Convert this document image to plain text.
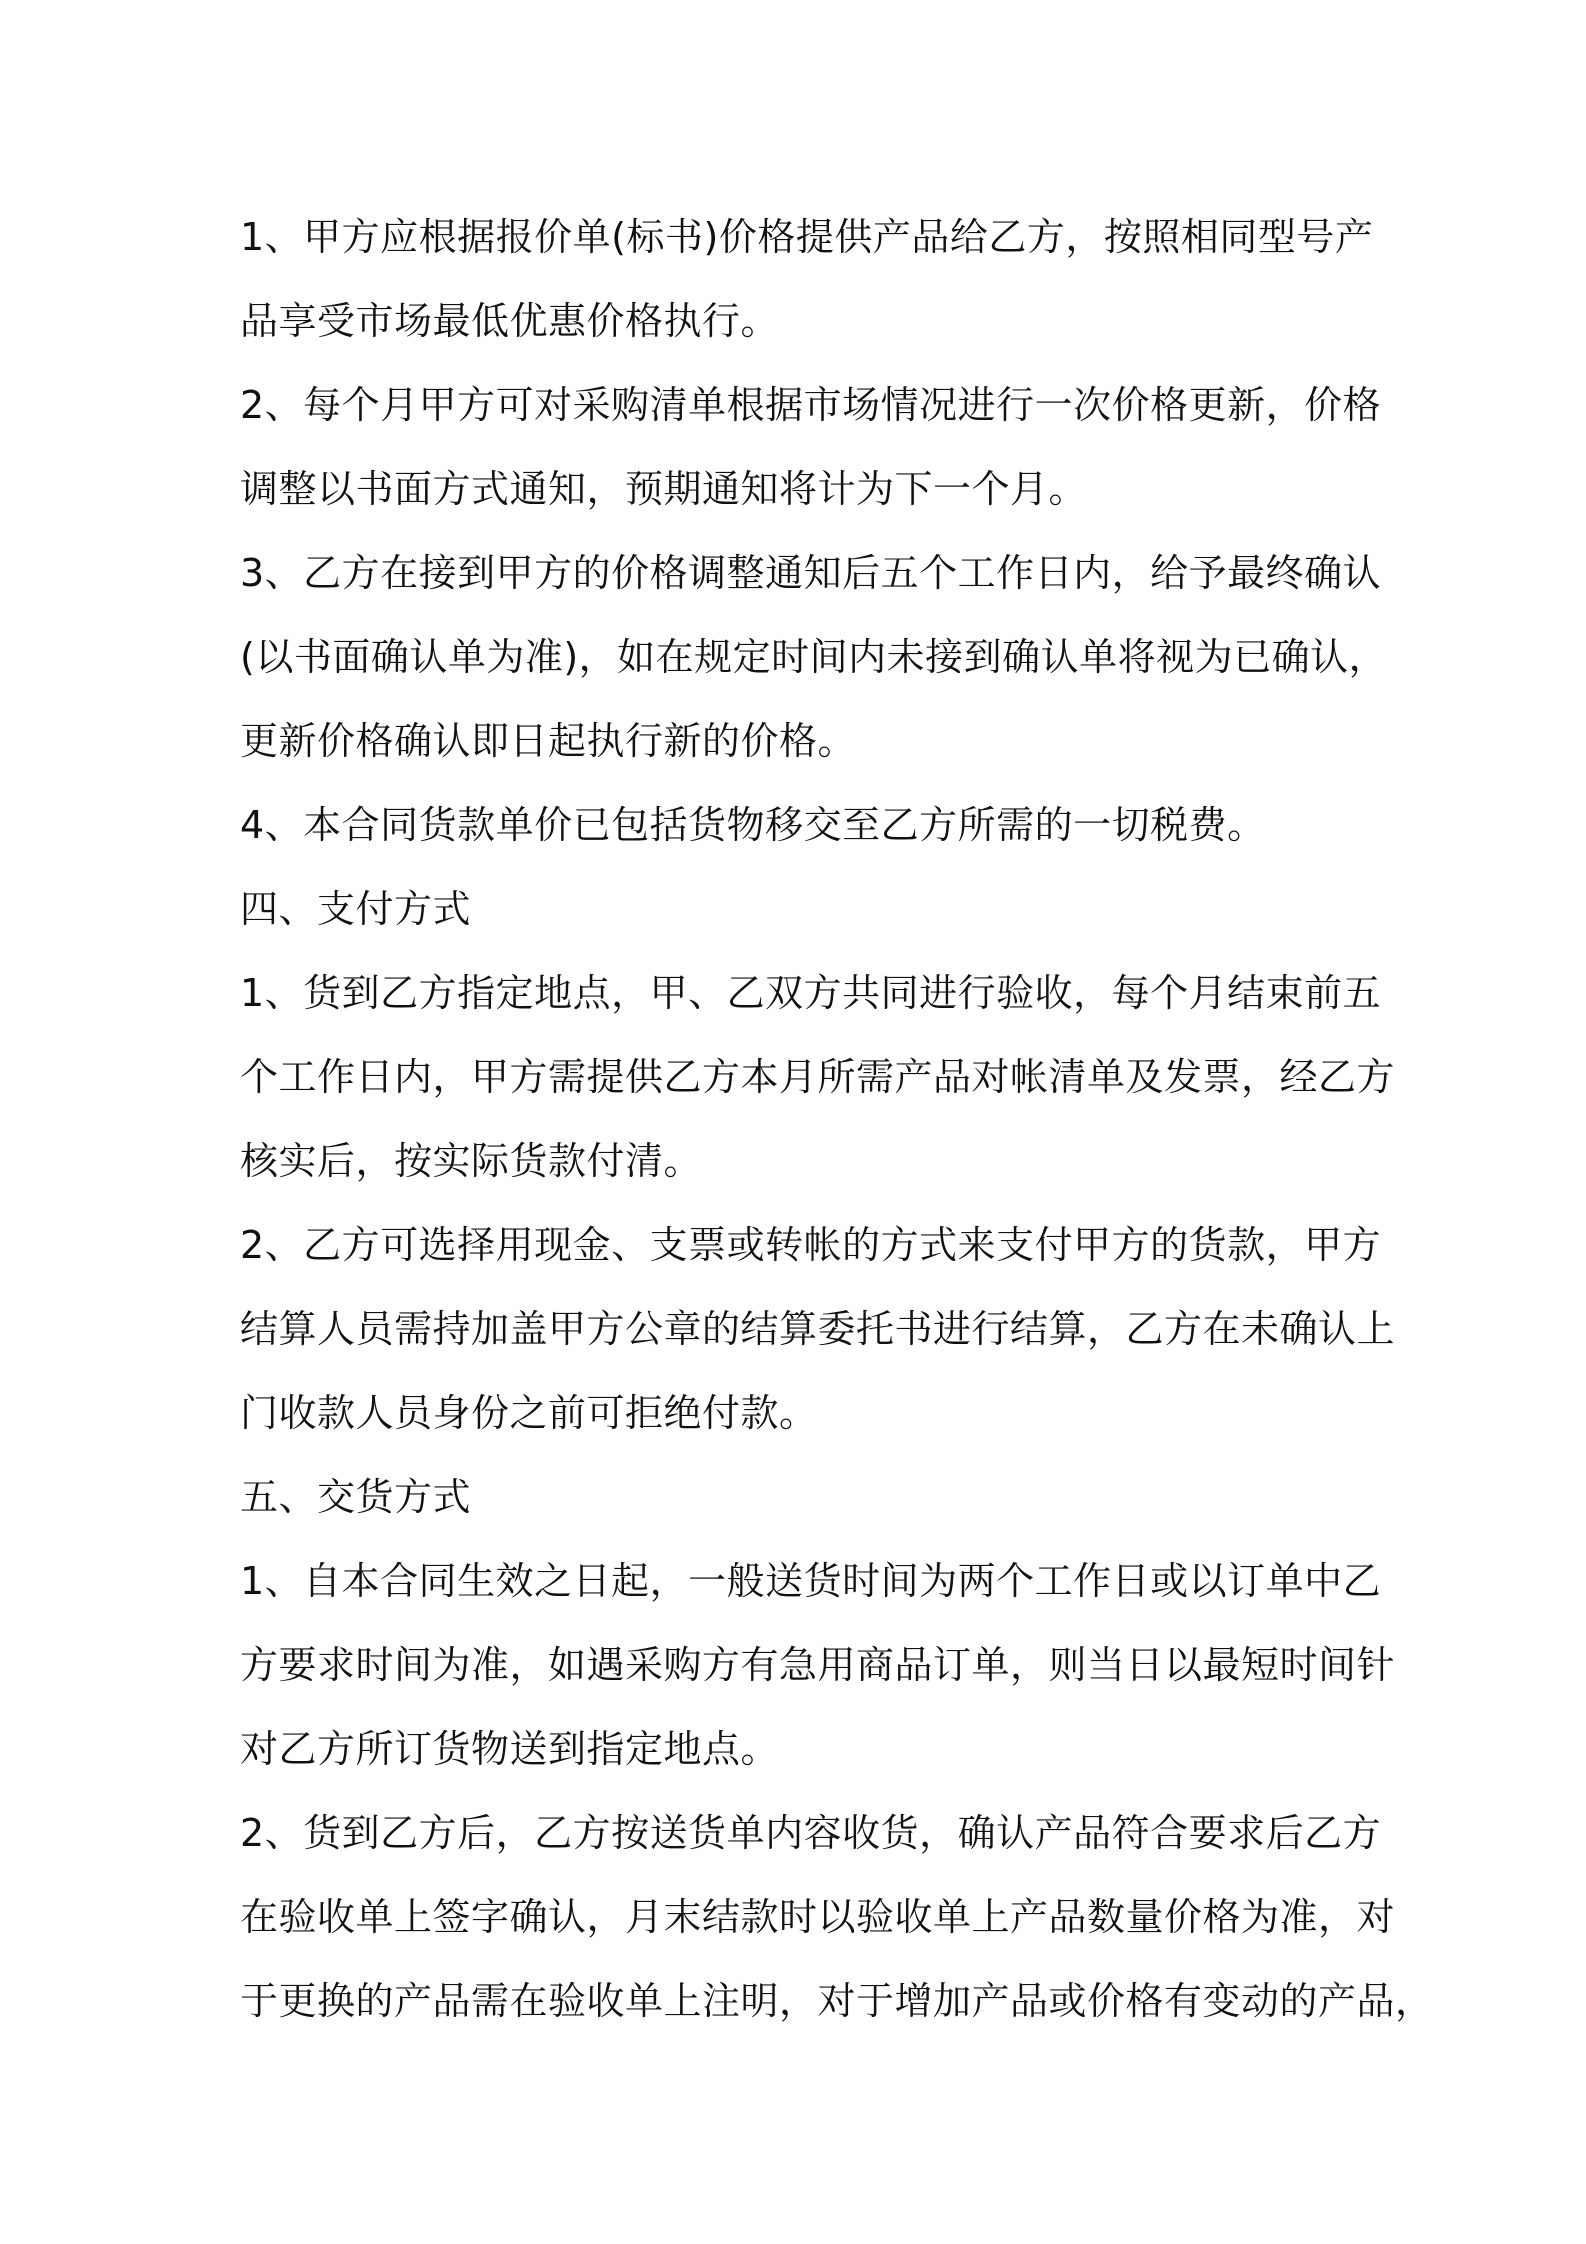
1、甲方应根据报价单(标书)价格提供产品给乙方，按照相同型号产
品享受市场最低优惠价格执行。
2、每个月甲方可对采购清单根据市场情况进行一次价格更新，价格
调整以书面方式通知，预期通知将计为下一个月。
3、乙方在接到甲方的价格调整通知后五个工作日内，给予最终确认
(以书面确认单为准)，如在规定时间内未接到确认单将视为已确认，
更新价格确认即日起执行新的价格。
4、本合同货款单价已包括货物移交至乙方所需的一切税费。
四、支付方式
1、货到乙方指定地点，甲、乙双方共同进行验收，每个月结束前五
个工作日内，甲方需提供乙方本月所需产品对帐清单及发票，经乙方
核实后，按实际货款付清。
2、乙方可选择用现金、支票或转帐的方式来支付甲方的货款，甲方
结算人员需持加盖甲方公章的结算委托书进行结算，乙方在未确认上
门收款人员身份之前可拒绝付款。
五、交货方式
1、自本合同生效之日起，一般送货时间为两个工作日或以订单中乙
方要求时间为准，如遇采购方有急用商品订单，则当日以最短时间针
对乙方所订货物送到指定地点。
2、货到乙方后，乙方按送货单内容收货，确认产品符合要求后乙方
在验收单上签字确认，月末结款时以验收单上产品数量价格为准，对
于更换的产品需在验收单上注明，对于增加产品或价格有变动的产品，
